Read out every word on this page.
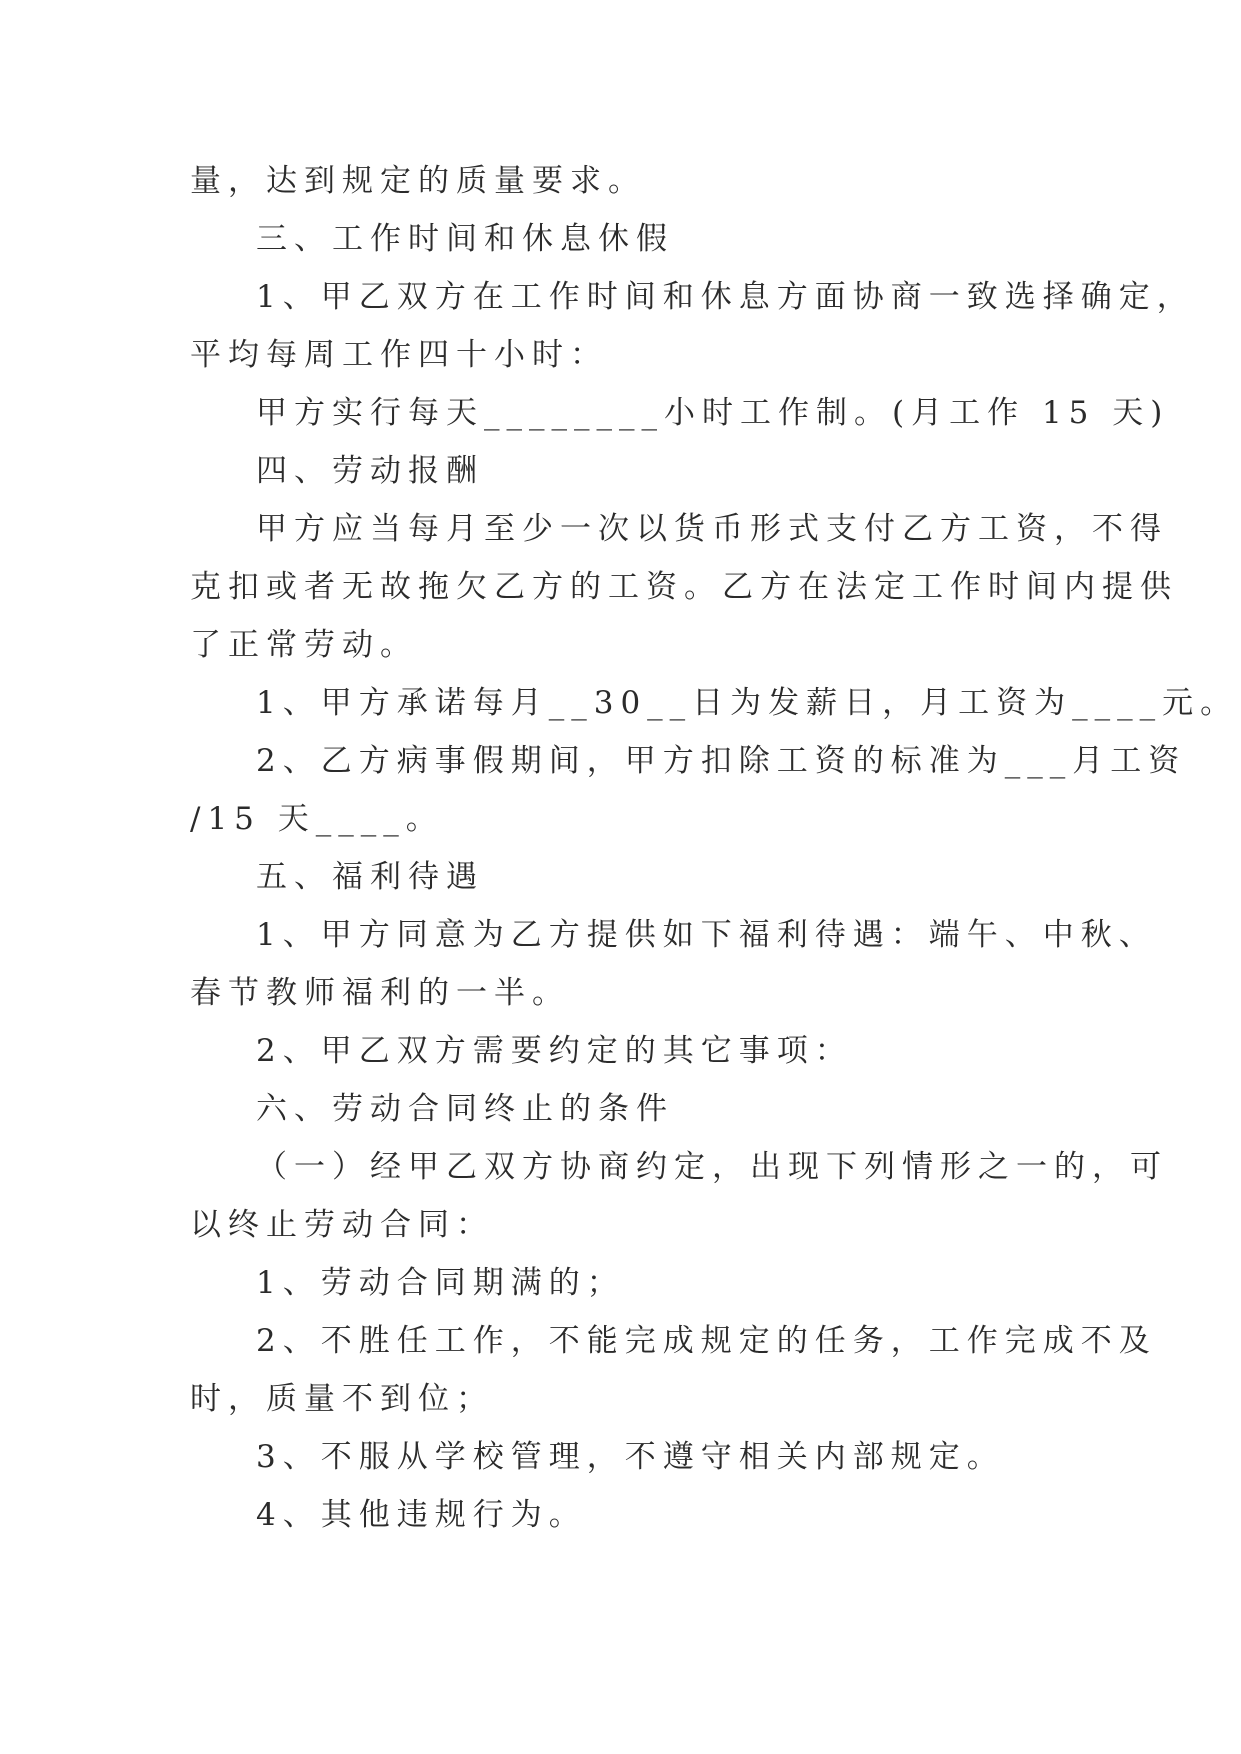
量，达到规定的质量要求。
三、工作时间和休息休假
1、甲乙双方在工作时间和休息方面协商一致选择确定，
平均每周工作四十小时：
甲方实行每天________小时工作制。(月工作 15 天)
四、劳动报酬
甲方应当每月至少一次以货币形式支付乙方工资，不得
克扣或者无故拖欠乙方的工资。乙方在法定工作时间内提供
了正常劳动。
1、甲方承诺每月__30__日为发薪日，月工资为____元。
2、乙方病事假期间，甲方扣除工资的标准为___月工资
/15 天____。
五、福利待遇
1、甲方同意为乙方提供如下福利待遇：端午、中秋、
春节教师福利的一半。
2、甲乙双方需要约定的其它事项：
六、劳动合同终止的条件
（一）经甲乙双方协商约定，出现下列情形之一的，可
以终止劳动合同：
1、劳动合同期满的；
2、不胜任工作，不能完成规定的任务，工作完成不及
时，质量不到位；
3、不服从学校管理，不遵守相关内部规定。
4、其他违规行为。
